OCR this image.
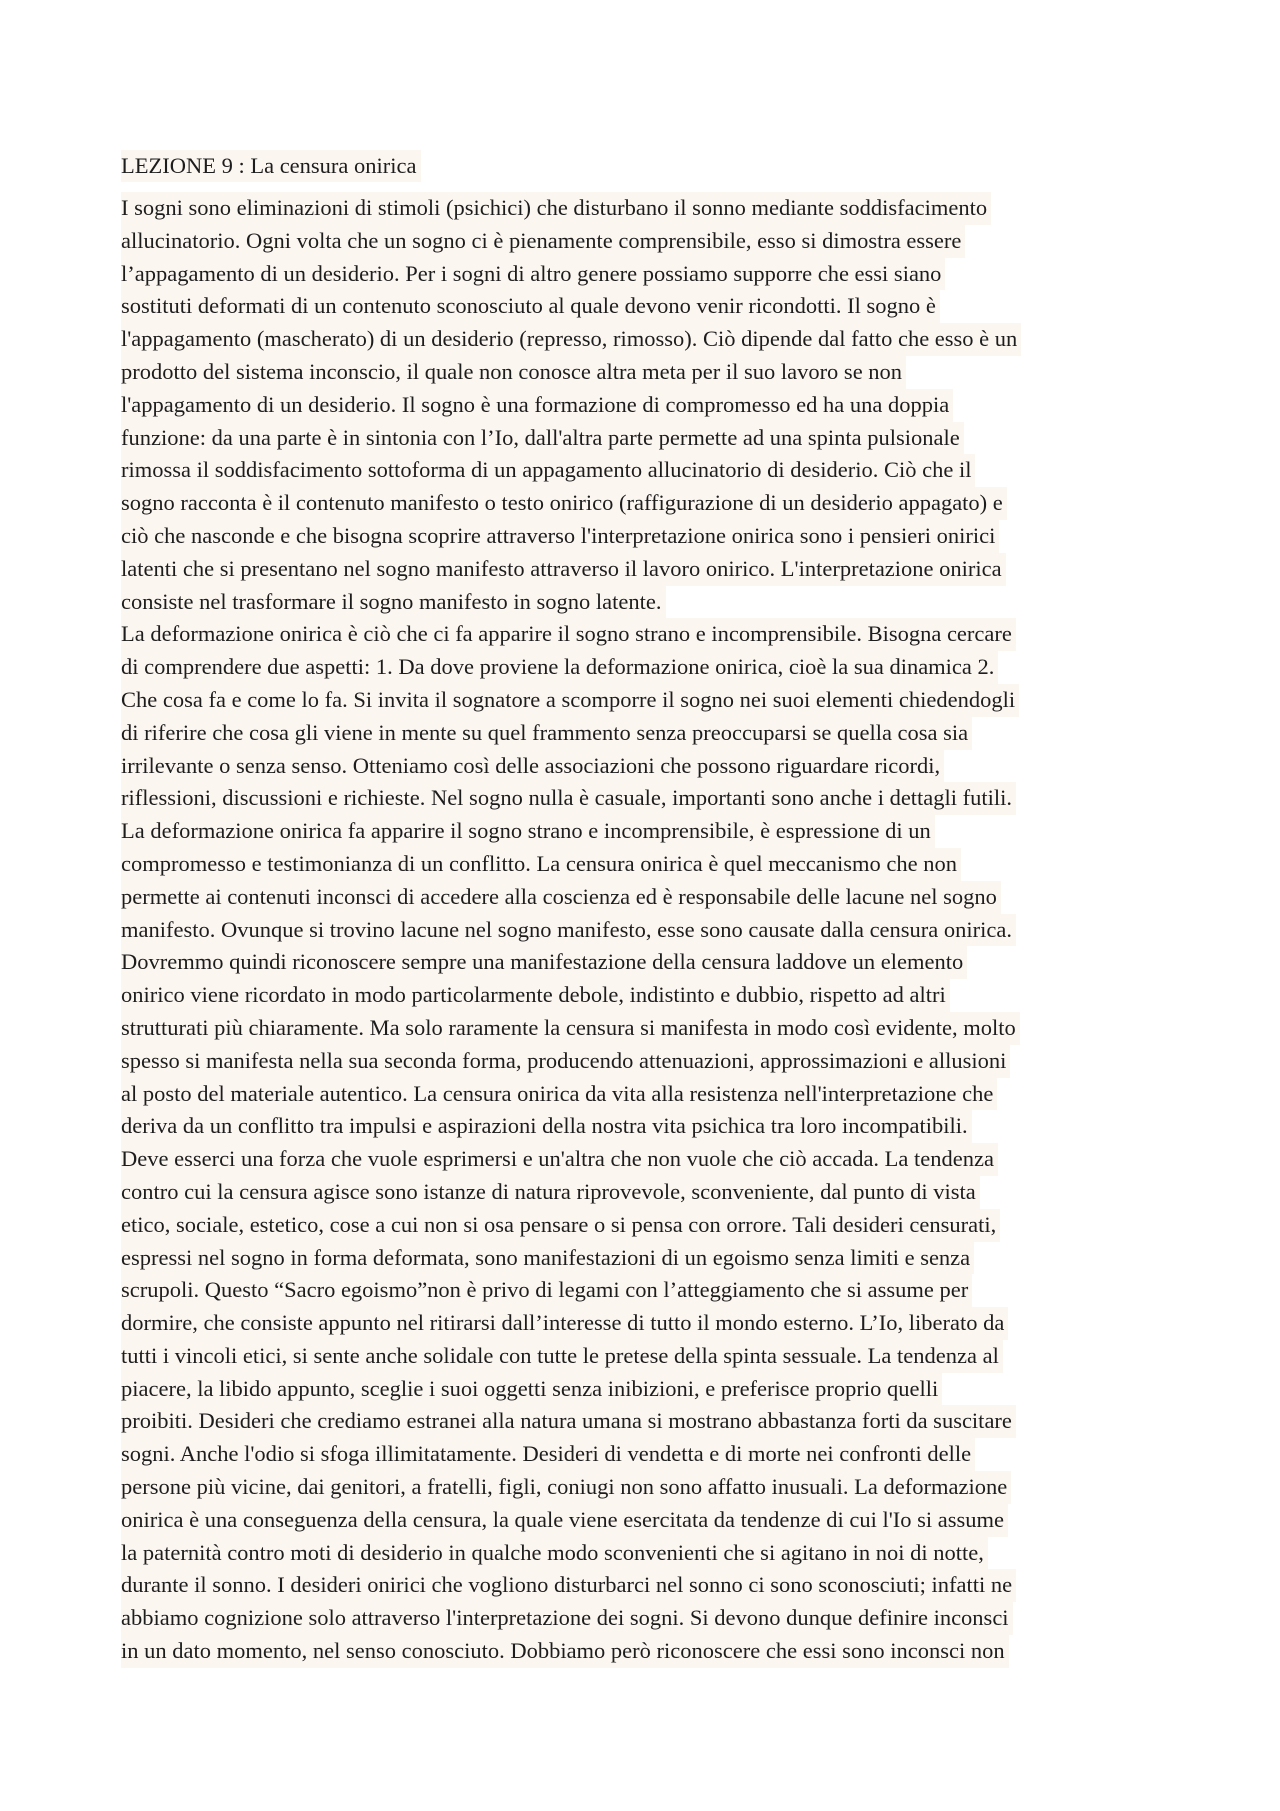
LEZIONE 9 : La censura onirica
I sogni sono eliminazioni di stimoli (psichici) che disturbano il sonno mediante soddisfacimento
allucinatorio. Ogni volta che un sogno ci è pienamente comprensibile, esso si dimostra essere
l’appagamento di un desiderio. Per i sogni di altro genere possiamo supporre che essi siano
sostituti deformati di un contenuto sconosciuto al quale devono venir ricondotti. Il sogno è
l'appagamento (mascherato) di un desiderio (represso, rimosso). Ciò dipende dal fatto che esso è un
prodotto del sistema inconscio, il quale non conosce altra meta per il suo lavoro se non
l'appagamento di un desiderio. Il sogno è una formazione di compromesso ed ha una doppia
funzione: da una parte è in sintonia con l’Io, dall'altra parte permette ad una spinta pulsionale
rimossa il soddisfacimento sottoforma di un appagamento allucinatorio di desiderio. Ciò che il
sogno racconta è il contenuto manifesto o testo onirico (raffigurazione di un desiderio appagato) e
ciò che nasconde e che bisogna scoprire attraverso l'interpretazione onirica sono i pensieri onirici
latenti che si presentano nel sogno manifesto attraverso il lavoro onirico. L'interpretazione onirica
consiste nel trasformare il sogno manifesto in sogno latente.
La deformazione onirica è ciò che ci fa apparire il sogno strano e incomprensibile. Bisogna cercare
di comprendere due aspetti: 1. Da dove proviene la deformazione onirica, cioè la sua dinamica 2.
Che cosa fa e come lo fa. Si invita il sognatore a scomporre il sogno nei suoi elementi chiedendogli
di riferire che cosa gli viene in mente su quel frammento senza preoccuparsi se quella cosa sia
irrilevante o senza senso. Otteniamo così delle associazioni che possono riguardare ricordi,
riflessioni, discussioni e richieste. Nel sogno nulla è casuale, importanti sono anche i dettagli futili.
La deformazione onirica fa apparire il sogno strano e incomprensibile, è espressione di un
compromesso e testimonianza di un conflitto. La censura onirica è quel meccanismo che non
permette ai contenuti inconsci di accedere alla coscienza ed è responsabile delle lacune nel sogno
manifesto. Ovunque si trovino lacune nel sogno manifesto, esse sono causate dalla censura onirica.
Dovremmo quindi riconoscere sempre una manifestazione della censura laddove un elemento
onirico viene ricordato in modo particolarmente debole, indistinto e dubbio, rispetto ad altri
strutturati più chiaramente. Ma solo raramente la censura si manifesta in modo così evidente, molto
spesso si manifesta nella sua seconda forma, producendo attenuazioni, approssimazioni e allusioni
al posto del materiale autentico. La censura onirica da vita alla resistenza nell'interpretazione che
deriva da un conflitto tra impulsi e aspirazioni della nostra vita psichica tra loro incompatibili.
Deve esserci una forza che vuole esprimersi e un'altra che non vuole che ciò accada. La tendenza
contro cui la censura agisce sono istanze di natura riprovevole, sconveniente, dal punto di vista
etico, sociale, estetico, cose a cui non si osa pensare o si pensa con orrore. Tali desideri censurati,
espressi nel sogno in forma deformata, sono manifestazioni di un egoismo senza limiti e senza
scrupoli. Questo “Sacro egoismo”non è privo di legami con l’atteggiamento che si assume per
dormire, che consiste appunto nel ritirarsi dall’interesse di tutto il mondo esterno. L’Io, liberato da
tutti i vincoli etici, si sente anche solidale con tutte le pretese della spinta sessuale. La tendenza al
piacere, la libido appunto, sceglie i suoi oggetti senza inibizioni, e preferisce proprio quelli
proibiti. Desideri che crediamo estranei alla natura umana si mostrano abbastanza forti da suscitare
sogni. Anche l'odio si sfoga illimitatamente. Desideri di vendetta e di morte nei confronti delle
persone più vicine, dai genitori, a fratelli, figli, coniugi non sono affatto inusuali. La deformazione
onirica è una conseguenza della censura, la quale viene esercitata da tendenze di cui l'Io si assume
la paternità contro moti di desiderio in qualche modo sconvenienti che si agitano in noi di notte,
durante il sonno. I desideri onirici che vogliono disturbarci nel sonno ci sono sconosciuti; infatti ne
abbiamo cognizione solo attraverso l'interpretazione dei sogni. Si devono dunque definire inconsci
in un dato momento, nel senso conosciuto. Dobbiamo però riconoscere che essi sono inconsci non
